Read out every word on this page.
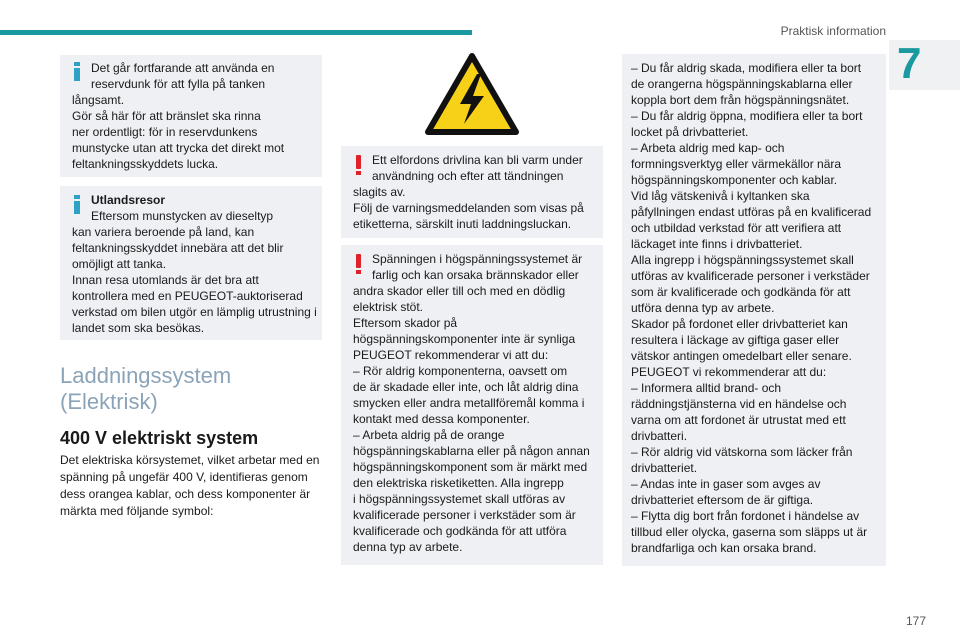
Praktisk information
7
Det går fortfarande att använda en
reservdunk för att fylla på tanken
långsamt.
Gör så här för att bränslet ska rinna
ner ordentligt: för in reservdunkens
munstycke utan att trycka det direkt mot
feltankningsskyddets lucka.
Utlandsresor
Eftersom munstycken av dieseltyp
kan variera beroende på land, kan
feltankningsskyddet innebära att det blir
omöjligt att tanka.
Innan resa utomlands är det bra att
kontrollera med en PEUGEOT-auktoriserad
verkstad om bilen utgör en lämplig utrustning i
landet som ska besökas.
Laddningssystem
(Elektrisk)
400 V elektriskt system
Det elektriska körsystemet, vilket arbetar med en
spänning på ungefär 400 V, identifieras genom
dess orangea kablar, och dess komponenter är
märkta med följande symbol:
Ett elfordons drivlina kan bli varm under
användning och efter att tändningen
slagits av.
Följ de varningsmeddelanden som visas på
etiketterna, särskilt inuti laddningsluckan.
Spänningen i högspänningssystemet är
farlig och kan orsaka brännskador eller
andra skador eller till och med en dödlig
elektrisk stöt.
Eftersom skador på
högspänningskomponenter inte är synliga
PEUGEOT rekommenderar vi att du:
– Rör aldrig komponenterna, oavsett om
de är skadade eller inte, och låt aldrig dina
smycken eller andra metallföremål komma i
kontakt med dessa komponenter.
– Arbeta aldrig på de orange
högspänningskablarna eller på någon annan
högspänningskomponent som är märkt med
den elektriska risketiketten. Alla ingrepp
i högspänningssystemet skall utföras av
kvalificerade personer i verkstäder som är
kvalificerade och godkända för att utföra
denna typ av arbete.
– Du får aldrig skada, modifiera eller ta bort
de orangerna högspänningskablarna eller
koppla bort dem från högspänningsnätet.
– Du får aldrig öppna, modifiera eller ta bort
locket på drivbatteriet.
– Arbeta aldrig med kap- och
formningsverktyg eller värmekällor nära
högspänningskomponenter och kablar.
Vid låg vätskenivå i kyltanken ska
påfyllningen endast utföras på en kvalificerad
och utbildad verkstad för att verifiera att
läckaget inte finns i drivbatteriet.
Alla ingrepp i högspänningssystemet skall
utföras av kvalificerade personer i verkstäder
som är kvalificerade och godkända för att
utföra denna typ av arbete.
Skador på fordonet eller drivbatteriet kan
resultera i läckage av giftiga gaser eller
vätskor antingen omedelbart eller senare.
PEUGEOT vi rekommenderar att du:
– Informera alltid brand- och
räddningstjänsterna vid en händelse och
varna om att fordonet är utrustat med ett
drivbatteri.
– Rör aldrig vid vätskorna som läcker från
drivbatteriet.
– Andas inte in gaser som avges av
drivbatteriet eftersom de är giftiga.
– Flytta dig bort från fordonet i händelse av
tillbud eller olycka, gaserna som släpps ut är
brandfarliga och kan orsaka brand.
177
